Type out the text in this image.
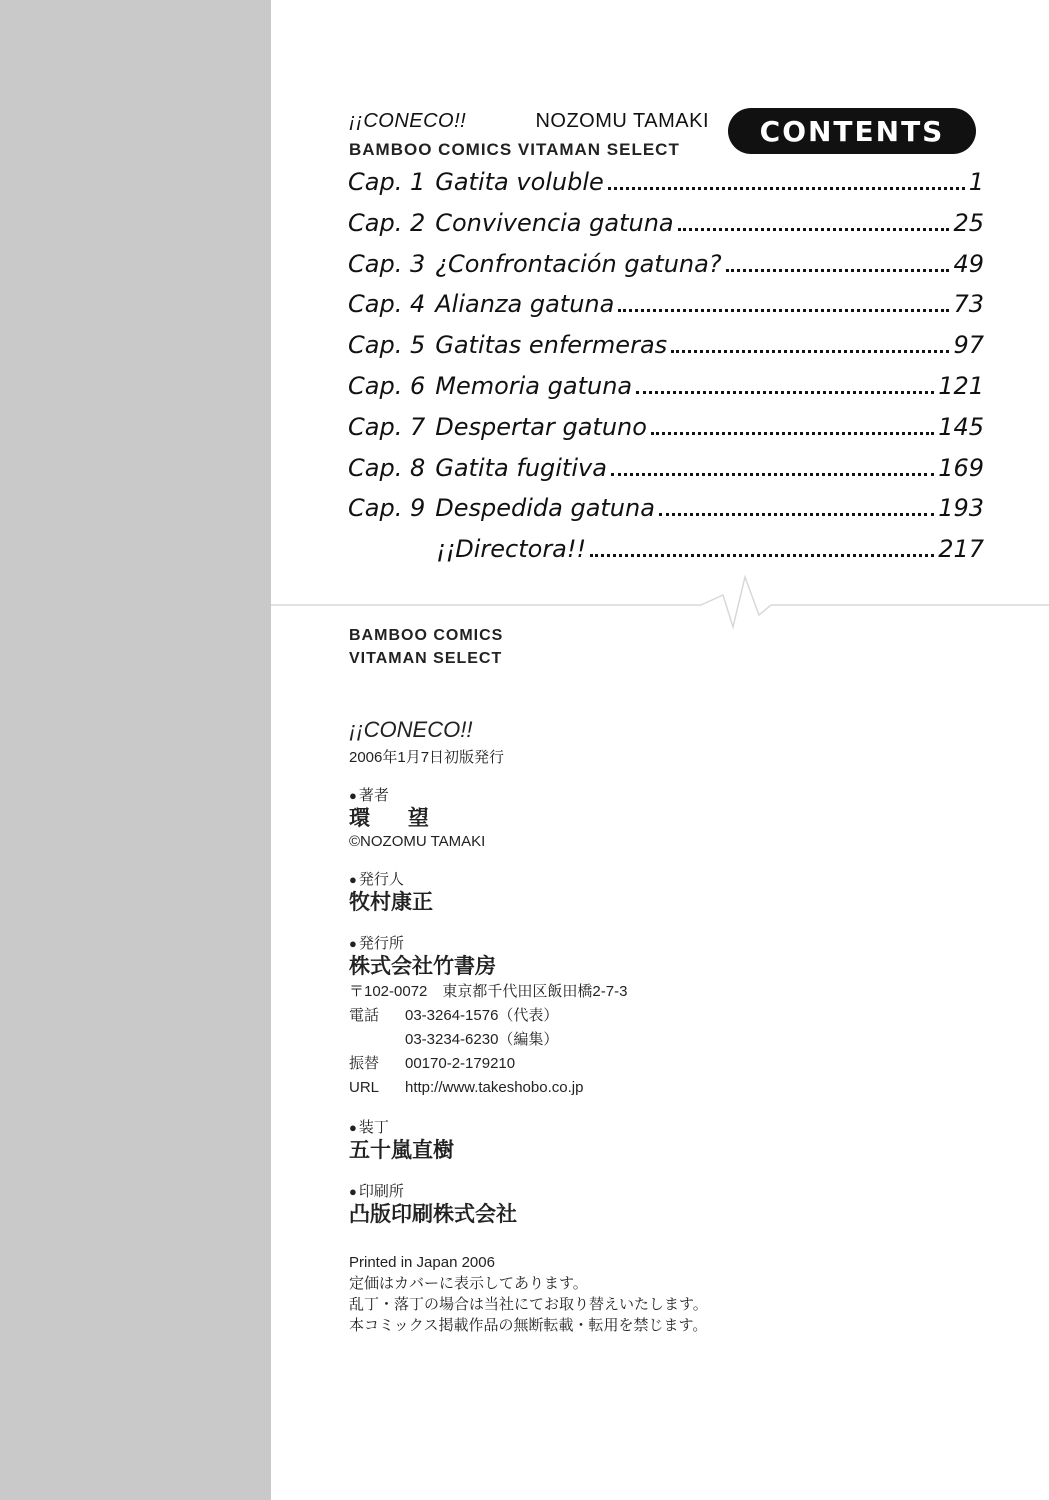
¡¡CONECO!!	NOZOMU TAMAKI
BAMBOO COMICS VITAMAN SELECT
CONTENTS
Cap. 1 Gatita voluble	1
Cap. 2 Convivencia gatuna	25
Cap. 3 ¿Confrontación gatuna?	49
Cap. 4 Alianza gatuna	73
Cap. 5 Gatitas enfermeras	97
Cap. 6 Memoria gatuna	121
Cap. 7 Despertar gatuno	145
Cap. 8 Gatita fugitiva	169
Cap. 9 Despedida gatuna	193
¡¡Directora!!	217
BAMBOO COMICS
VITAMAN SELECT
¡¡CONECO!!
2006年1月7日初版発行
● 著者
環 望
©NOZOMU TAMAKI
● 発行人
牧村康正
● 発行所
株式会社竹書房
〒102-0072　東京都千代田区飯田橋2-7-3
電話	03-3264-1576（代表）
03-3234-6230（編集）
振替	00170-2-179210
URL	http://www.takeshobo.co.jp
● 装丁
五十嵐直樹
● 印刷所
凸版印刷株式会社
Printed in Japan 2006
定価はカバーに表示してあります。
乱丁・落丁の場合は当社にてお取り替えいたします。
本コミックス掲載作品の無断転載・転用を禁じます。
